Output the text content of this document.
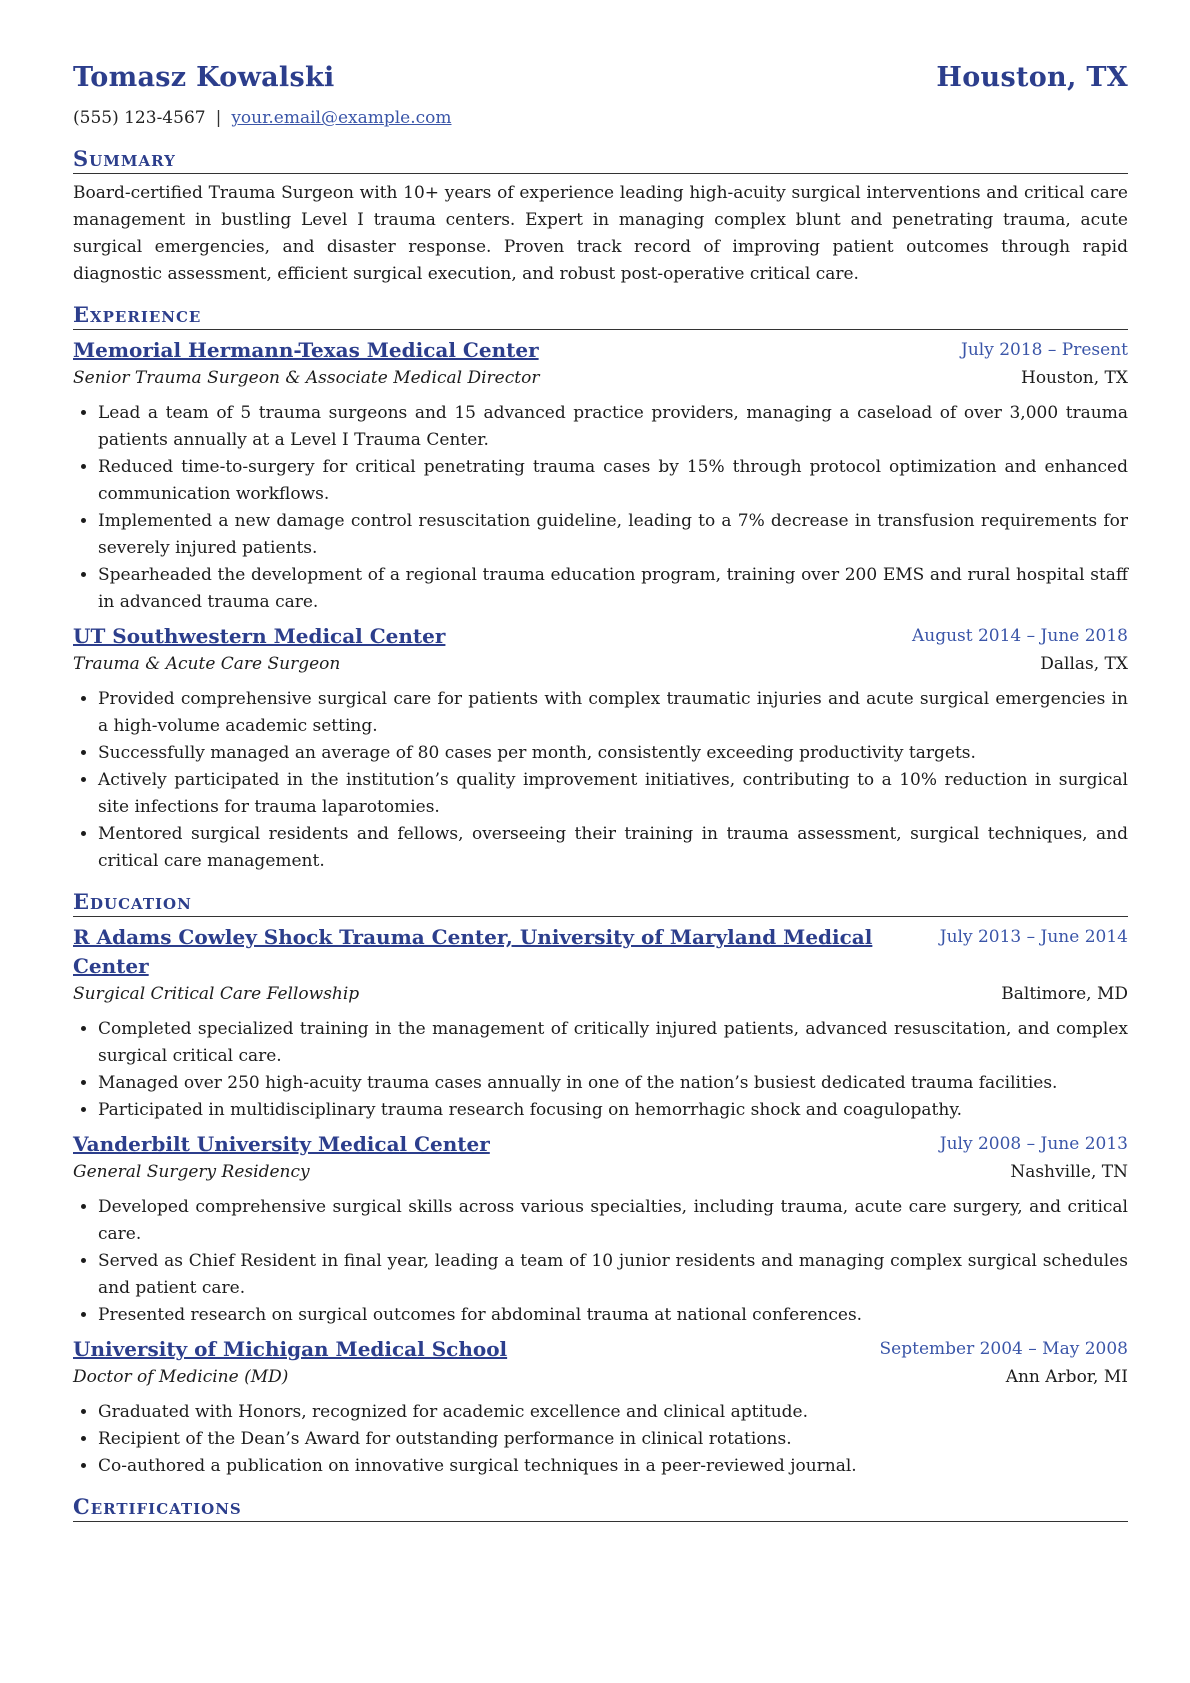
Tomasz Kowalski	Houston, TX
(555) 123-4567 | your.email@example.com
Summary
Board-certified Trauma Surgeon with 10+ years of experience leading high-acuity surgical interventions and critical care management in bustling Level I trauma centers. Expert in managing complex blunt and penetrating trauma, acute surgical emergencies, and disaster response. Proven track record of improving patient outcomes through rapid diagnostic assessment, efficient surgical execution, and robust post-operative critical care.
Experience
Memorial Hermann-Texas Medical Center	July 2018 – Present
Senior Trauma Surgeon & Associate Medical Director	Houston, TX
• Lead a team of 5 trauma surgeons and 15 advanced practice providers, managing a caseload of over 3,000 trauma patients annually at a Level I Trauma Center.
• Reduced time-to-surgery for critical penetrating trauma cases by 15% through protocol optimization and enhanced communication workflows.
• Implemented a new damage control resuscitation guideline, leading to a 7% decrease in transfusion requirements for severely injured patients.
• Spearheaded the development of a regional trauma education program, training over 200 EMS and rural hospital staff in advanced trauma care.
UT Southwestern Medical Center	August 2014 – June 2018
Trauma & Acute Care Surgeon	Dallas, TX
• Provided comprehensive surgical care for patients with complex traumatic injuries and acute surgical emergencies in a high-volume academic setting.
• Successfully managed an average of 80 cases per month, consistently exceeding productivity targets.
• Actively participated in the institution’s quality improvement initiatives, contributing to a 10% reduction in surgical site infections for trauma laparotomies.
• Mentored surgical residents and fellows, overseeing their training in trauma assessment, surgical techniques, and critical care management.
Education
R Adams Cowley Shock Trauma Center, University of Maryland Medical Center
July 2013 – June 2014
Surgical Critical Care Fellowship	Baltimore, MD
• Completed specialized training in the management of critically injured patients, advanced resuscitation, and complex surgical critical care.
• Managed over 250 high-acuity trauma cases annually in one of the nation’s busiest dedicated trauma facilities.
• Participated in multidisciplinary trauma research focusing on hemorrhagic shock and coagulopathy.
Vanderbilt University Medical Center	July 2008 – June 2013
General Surgery Residency	Nashville, TN
• Developed comprehensive surgical skills across various specialties, including trauma, acute care surgery, and critical care.
• Served as Chief Resident in final year, leading a team of 10 junior residents and managing complex surgical schedules and patient care.
• Presented research on surgical outcomes for abdominal trauma at national conferences.
University of Michigan Medical School	September 2004 – May 2008
Doctor of Medicine (MD)	Ann Arbor, MI
• Graduated with Honors, recognized for academic excellence and clinical aptitude.
• Recipient of the Dean’s Award for outstanding performance in clinical rotations.
• Co-authored a publication on innovative surgical techniques in a peer-reviewed journal.
Certifications
